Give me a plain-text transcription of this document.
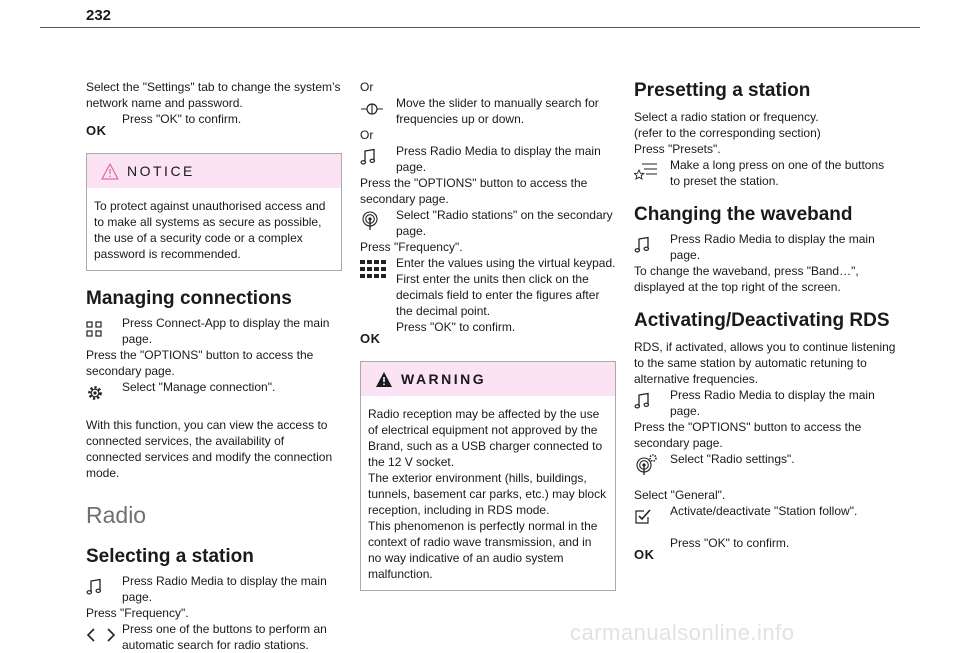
232

Select the "Settings" tab to change the system’s network name and password.

OK
Press "OK" to confirm.
NOTICE
To protect against unauthorised access and to make all systems as secure as possible, the use of a security code or a complex password is recommended.
Managing connections
Press Connect-App to display the main page.

Press the "OPTIONS" button to access the secondary page.

Select "Manage connection".

With this function, you can view the access to connected services, the availability of connected services and modify the connection mode.

Radio
Selecting a station
Press Radio Media to display the main page.

Press "Frequency".

Press one of the buttons to perform an automatic search for radio stations.

Or

Move the slider to manually search for frequencies up or down.

Or

Press Radio Media to display the main page.

Press the "OPTIONS" button to access the secondary page.

Select "Radio stations" on the secondary page.

Press "Frequency".

Enter the values using the virtual keypad. First enter the units then click on the decimals field to enter the figures after the decimal point.
OK
Press "OK" to confirm.
WARNING

Radio reception may be affected by the use of electrical equipment not approved by the Brand, such as a USB charger connected to the 12 V socket.

The exterior environment (hills, buildings, tunnels, basement car parks, etc.) may block reception, including in RDS mode.

This phenomenon is perfectly normal in the context of radio wave transmission, and in no way indicative of an audio system malfunction.

Presetting a station

Select a radio station or frequency.

(refer to the corresponding section)

Press "Presets".

Make a long press on one of the buttons to preset the station.
Changing the waveband
Press Radio Media to display the main page.

To change the waveband, press "Band…", displayed at the top right of the screen.

Activating/Deactivating RDS

RDS, if activated, allows you to continue listening to the same station by automatic retuning to alternative frequencies.

Press Radio Media to display the main page.

Press the "OPTIONS" button to access the secondary page.

Select "Radio settings".

Select "General".

Activate/deactivate "Station follow".
OK
Press "OK" to confirm.
carmanualsonline.info
